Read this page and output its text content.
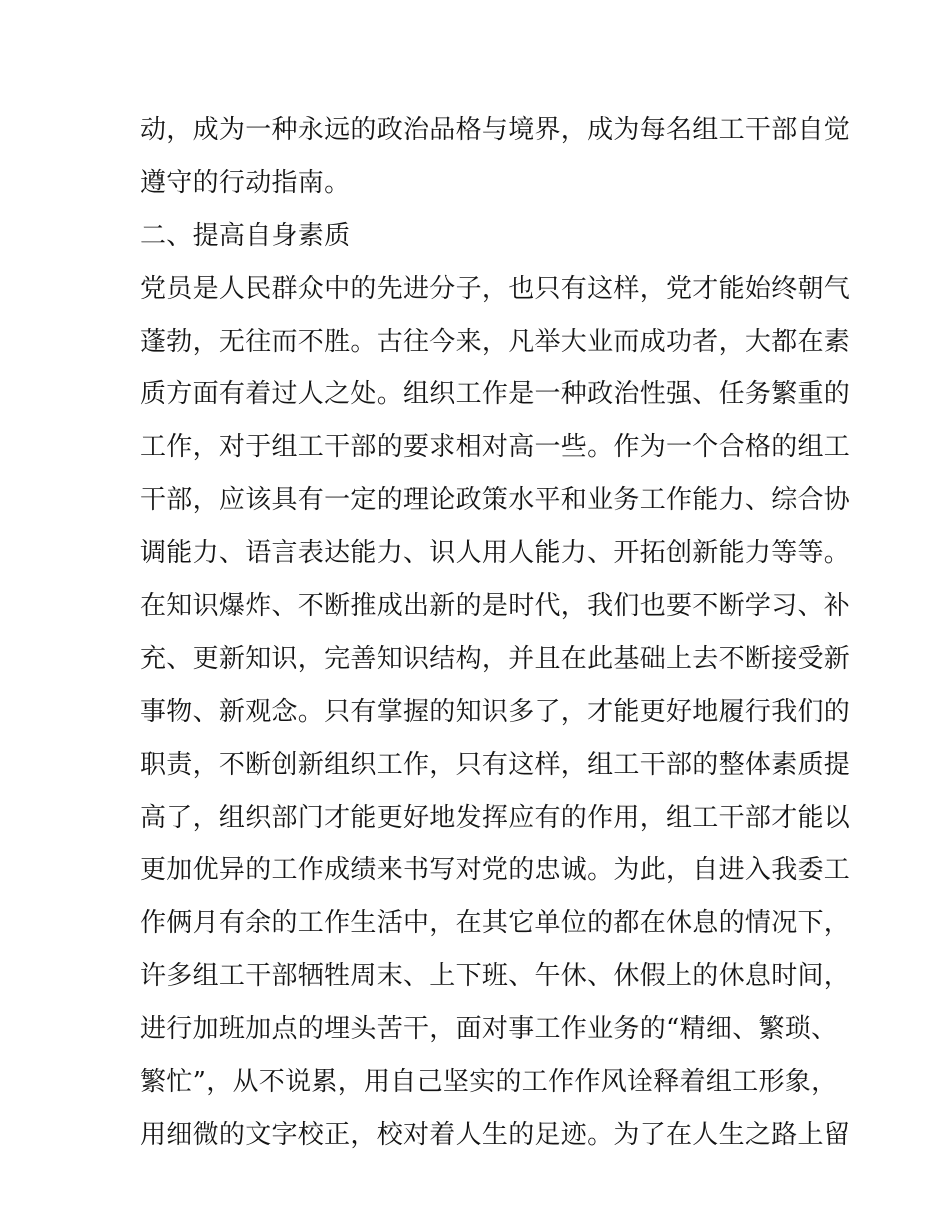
动，成为一种永远的政治品格与境界，成为每名组工干部自觉
遵守的行动指南。
二、提高自身素质
党员是人民群众中的先进分子，也只有这样，党才能始终朝气
蓬勃，无往而不胜。古往今来，凡举大业而成功者，大都在素
质方面有着过人之处。组织工作是一种政治性强、任务繁重的
工作，对于组工干部的要求相对高一些。作为一个合格的组工
干部，应该具有一定的理论政策水平和业务工作能力、综合协
调能力、语言表达能力、识人用人能力、开拓创新能力等等。
在知识爆炸、不断推成出新的是时代，我们也要不断学习、补
充、更新知识，完善知识结构，并且在此基础上去不断接受新
事物、新观念。只有掌握的知识多了，才能更好地履行我们的
职责，不断创新组织工作，只有这样，组工干部的整体素质提
高了，组织部门才能更好地发挥应有的作用，组工干部才能以
更加优异的工作成绩来书写对党的忠诚。为此，自进入我委工
作俩月有余的工作生活中，在其它单位的都在休息的情况下，
许多组工干部牺牲周末、上下班、午休、休假上的休息时间，
进行加班加点的埋头苦干，面对事工作业务的“精细、繁琐、
繁忙”，从不说累，用自己坚实的工作作风诠释着组工形象，
用细微的文字校正，校对着人生的足迹。为了在人生之路上留
